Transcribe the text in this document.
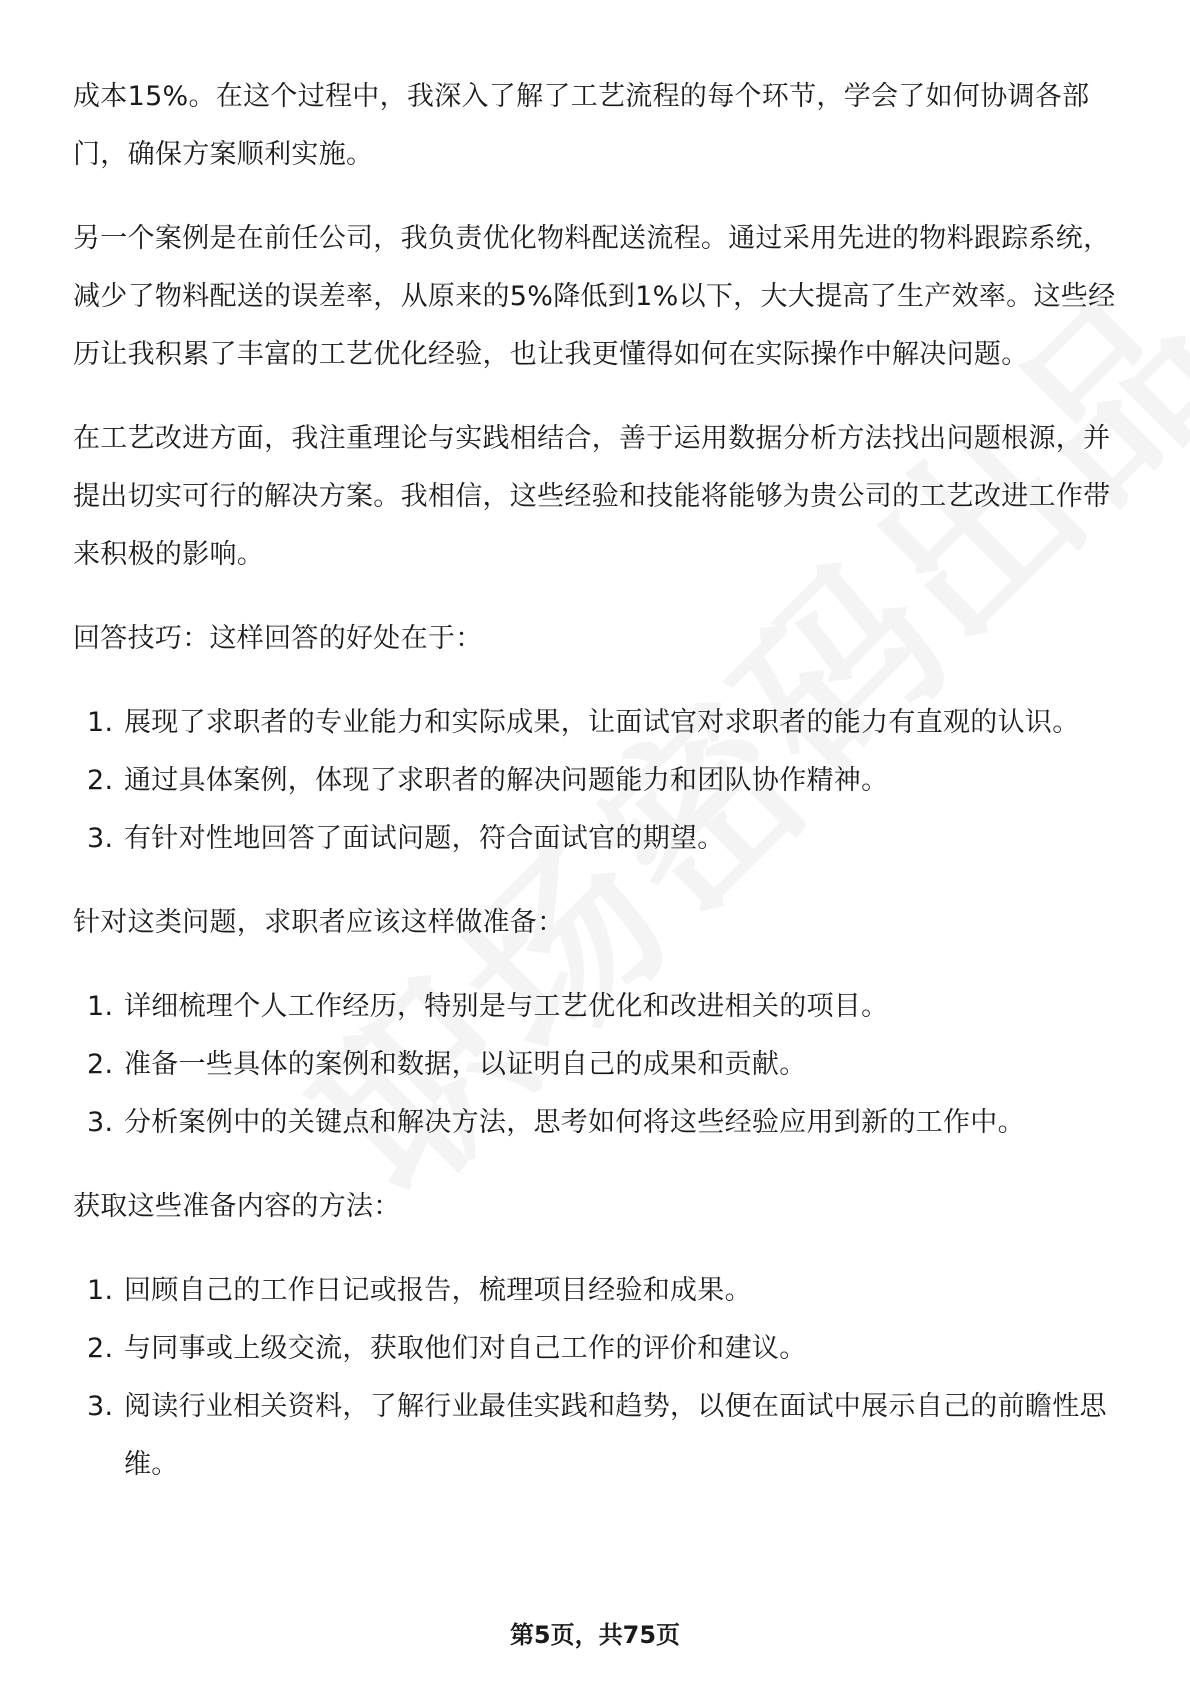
成本15%。在这个过程中，我深入了解了工艺流程的每个环节，学会了如何协调各部门，确保方案顺利实施。

另一个案例是在前任公司，我负责优化物料配送流程。通过采用先进的物料跟踪系统，减少了物料配送的误差率，从原来的5%降低到1%以下，大大提高了生产效率。这些经历让我积累了丰富的工艺优化经验，也让我更懂得如何在实际操作中解决问题。

在工艺改进方面，我注重理论与实践相结合，善于运用数据分析方法找出问题根源，并提出切实可行的解决方案。我相信，这些经验和技能将能够为贵公司的工艺改进工作带来积极的影响。

回答技巧：这样回答的好处在于：

1. 展现了求职者的专业能力和实际成果，让面试官对求职者的能力有直观的认识。
2. 通过具体案例，体现了求职者的解决问题能力和团队协作精神。
3. 有针对性地回答了面试问题，符合面试官的期望。

针对这类问题，求职者应该这样做准备：

1. 详细梳理个人工作经历，特别是与工艺优化和改进相关的项目。
2. 准备一些具体的案例和数据，以证明自己的成果和贡献。
3. 分析案例中的关键点和解决方法，思考如何将这些经验应用到新的工作中。

获取这些准备内容的方法：

1. 回顾自己的工作日记或报告，梳理项目经验和成果。
2. 与同事或上级交流，获取他们对自己工作的评价和建议。
3. 阅读行业相关资料，了解行业最佳实践和趋势，以便在面试中展示自己的前瞻性思维。
第5页，共75页
